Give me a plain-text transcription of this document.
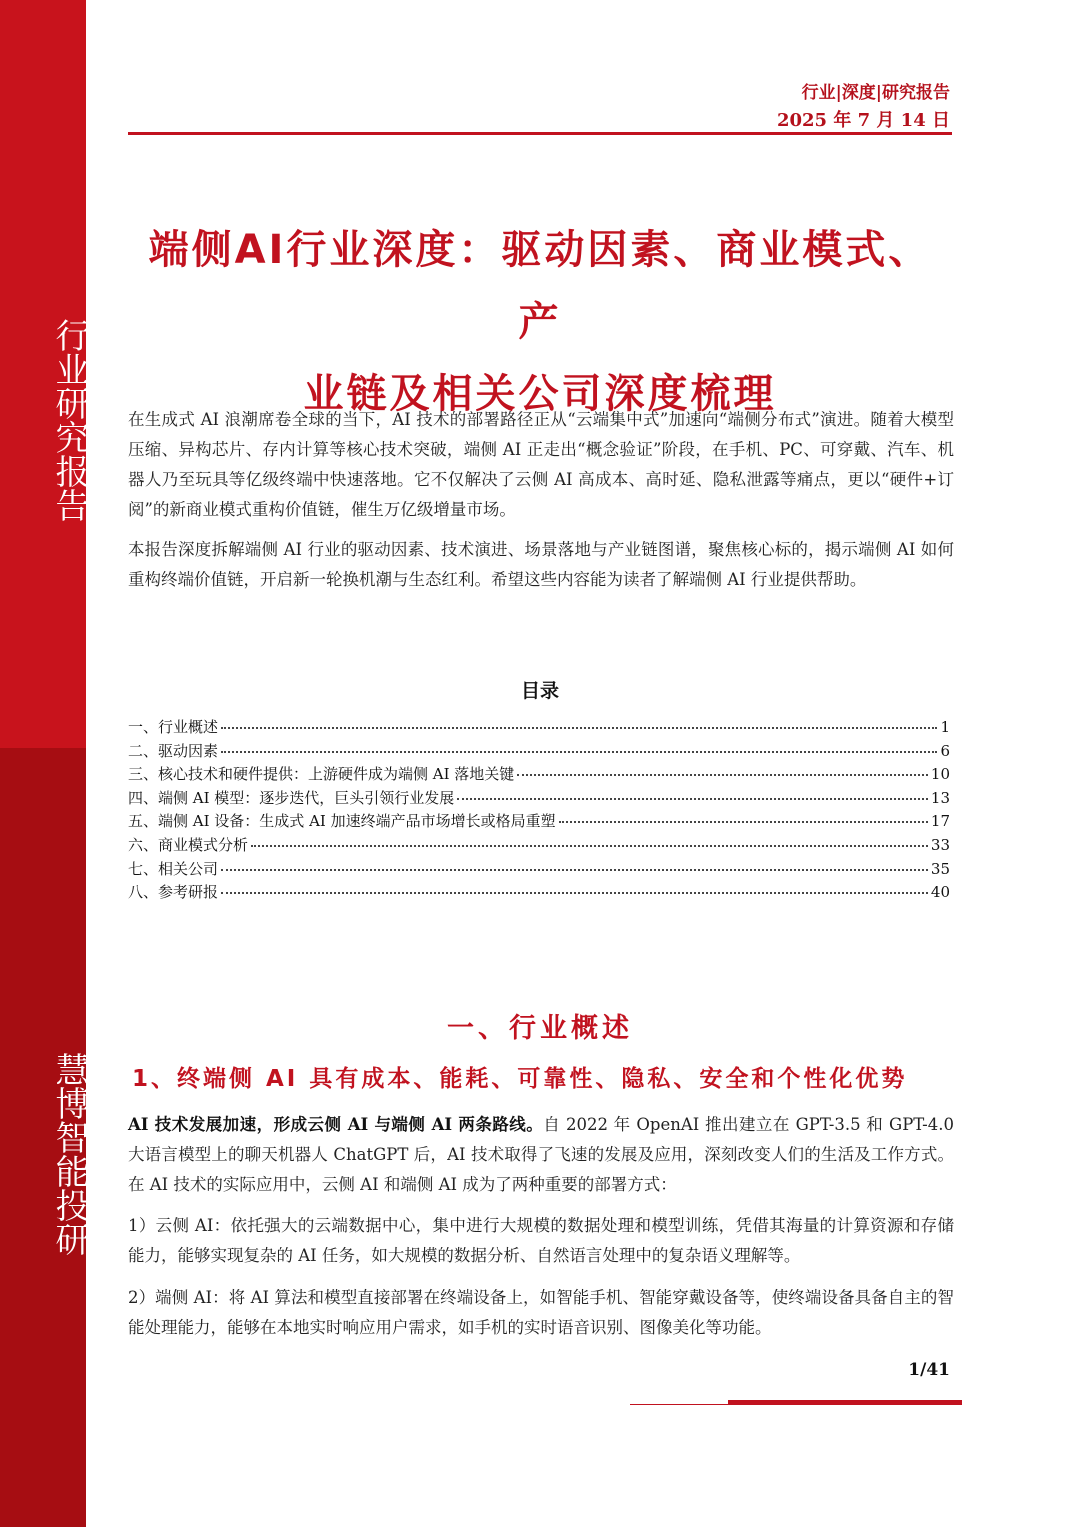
行业研究报告
慧博智能投研
行业|深度|研究报告
2025 年 7 月 14 日
端侧AI行业深度：驱动因素、商业模式、产
业链及相关公司深度梳理
在生成式 AI 浪潮席卷全球的当下，AI 技术的部署路径正从“云端集中式”加速向“端侧分布式”演进。随着大模型压缩、异构芯片、存内计算等核心技术突破，端侧 AI 正走出“概念验证”阶段，在手机、PC、可穿戴、汽车、机器人乃至玩具等亿级终端中快速落地。它不仅解决了云侧 AI 高成本、高时延、隐私泄露等痛点，更以“硬件+订阅”的新商业模式重构价值链，催生万亿级增量市场。
本报告深度拆解端侧 AI 行业的驱动因素、技术演进、场景落地与产业链图谱，聚焦核心标的，揭示端侧 AI 如何重构终端价值链，开启新一轮换机潮与生态红利。希望这些内容能为读者了解端侧 AI 行业提供帮助。
目录
一、行业概述	1
二、驱动因素	6
三、核心技术和硬件提供：上游硬件成为端侧 AI 落地关键	10
四、端侧 AI 模型：逐步迭代，巨头引领行业发展	13
五、端侧 AI 设备：生成式 AI 加速终端产品市场增长或格局重塑	17
六、商业模式分析	33
七、相关公司	35
八、参考研报	40
一、行业概述
1、终端侧 AI 具有成本、能耗、可靠性、隐私、安全和个性化优势
AI 技术发展加速，形成云侧 AI 与端侧 AI 两条路线。自 2022 年 OpenAI 推出建立在 GPT-3.5 和 GPT-4.0 大语言模型上的聊天机器人 ChatGPT 后，AI 技术取得了飞速的发展及应用，深刻改变人们的生活及工作方式。在 AI 技术的实际应用中，云侧 AI 和端侧 AI 成为了两种重要的部署方式：
1）云侧 AI：依托强大的云端数据中心，集中进行大规模的数据处理和模型训练，凭借其海量的计算资源和存储能力，能够实现复杂的 AI 任务，如大规模的数据分析、自然语言处理中的复杂语义理解等。
2）端侧 AI：将 AI 算法和模型直接部署在终端设备上，如智能手机、智能穿戴设备等，使终端设备具备自主的智能处理能力，能够在本地实时响应用户需求，如手机的实时语音识别、图像美化等功能。
1/41
